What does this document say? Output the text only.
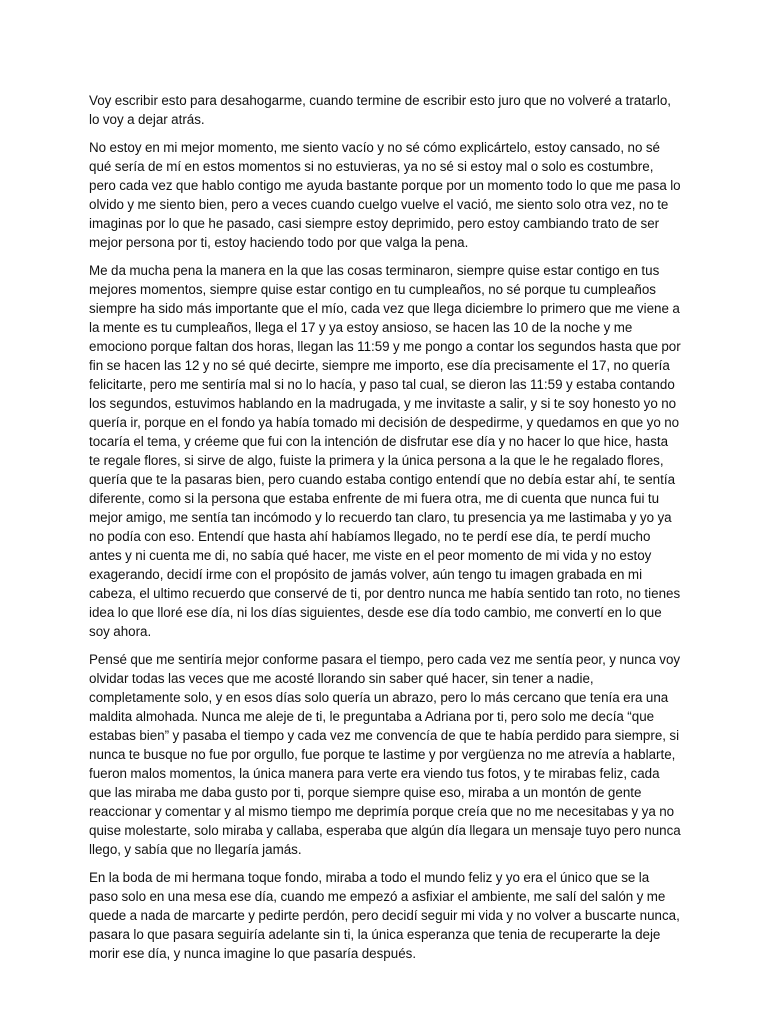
Voy escribir esto para desahogarme, cuando termine de escribir esto juro que no volveré a tratarlo, lo voy a dejar atrás.

No estoy en mi mejor momento, me siento vacío y no sé cómo explicártelo, estoy cansado, no sé qué sería de mí en estos momentos si no estuvieras, ya no sé si estoy mal o solo es costumbre, pero cada vez que hablo contigo me ayuda bastante porque por un momento todo lo que me pasa lo olvido y me siento bien, pero a veces cuando cuelgo vuelve el vació, me siento solo otra vez, no te imaginas por lo que he pasado, casi siempre estoy deprimido, pero estoy cambiando trato de ser mejor persona por ti, estoy haciendo todo por que valga la pena.

Me da mucha pena la manera en la que las cosas terminaron, siempre quise estar contigo en tus mejores momentos, siempre quise estar contigo en tu cumpleaños, no sé porque tu cumpleaños siempre ha sido más importante que el mío, cada vez que llega diciembre lo primero que me viene a la mente es tu cumpleaños, llega el 17 y ya estoy ansioso, se hacen las 10 de la noche y me emociono porque faltan dos horas, llegan las 11:59 y me pongo a contar los segundos hasta que por fin se hacen las 12 y no sé qué decirte, siempre me importo, ese día precisamente el 17, no quería felicitarte, pero me sentiría mal si no lo hacía, y paso tal cual, se dieron las 11:59 y estaba contando los segundos, estuvimos hablando en la madrugada, y me invitaste a salir, y si te soy honesto yo no quería ir, porque en el fondo ya había tomado mi decisión de despedirme, y quedamos en que yo no tocaría el tema, y créeme que fui con la intención de disfrutar ese día y no hacer lo que hice, hasta te regale flores, si sirve de algo, fuiste la primera y la única persona a la que le he regalado flores, quería que te la pasaras bien, pero cuando estaba contigo entendí que no debía estar ahí, te sentía diferente, como si la persona que estaba enfrente de mi fuera otra, me di cuenta que nunca fui tu mejor amigo, me sentía tan incómodo y lo recuerdo tan claro, tu presencia ya me lastimaba y yo ya no podía con eso. Entendí que hasta ahí habíamos llegado, no te perdí ese día, te perdí mucho antes y ni cuenta me di, no sabía qué hacer, me viste en el peor momento de mi vida y no estoy exagerando, decidí irme con el propósito de jamás volver, aún tengo tu imagen grabada en mi cabeza, el ultimo recuerdo que conservé de ti, por dentro nunca me había sentido tan roto, no tienes idea lo que lloré ese día, ni los días siguientes, desde ese día todo cambio, me convertí en lo que soy ahora.

Pensé que me sentiría mejor conforme pasara el tiempo, pero cada vez me sentía peor, y nunca voy olvidar todas las veces que me acosté llorando sin saber qué hacer, sin tener a nadie, completamente solo, y en esos días solo quería un abrazo, pero lo más cercano que tenía era una maldita almohada. Nunca me aleje de ti, le preguntaba a Adriana por ti, pero solo me decía “que estabas bien” y pasaba el tiempo y cada vez me convencía de que te había perdido para siempre, si nunca te busque no fue por orgullo, fue porque te lastime y por vergüenza no me atrevía a hablarte, fueron malos momentos, la única manera para verte era viendo tus fotos, y te mirabas feliz, cada que las miraba me daba gusto por ti, porque siempre quise eso, miraba a un montón de gente reaccionar y comentar y al mismo tiempo me deprimía porque creía que no me necesitabas y ya no quise molestarte, solo miraba y callaba, esperaba que algún día llegara un mensaje tuyo pero nunca llego, y sabía que no llegaría jamás.

En la boda de mi hermana toque fondo, miraba a todo el mundo feliz y yo era el único que se la paso solo en una mesa ese día, cuando me empezó a asfixiar el ambiente, me salí del salón y me quede a nada de marcarte y pedirte perdón, pero decidí seguir mi vida y no volver a buscarte nunca, pasara lo que pasara seguiría adelante sin ti, la única esperanza que tenia de recuperarte la deje morir ese día, y nunca imagine lo que pasaría después.
